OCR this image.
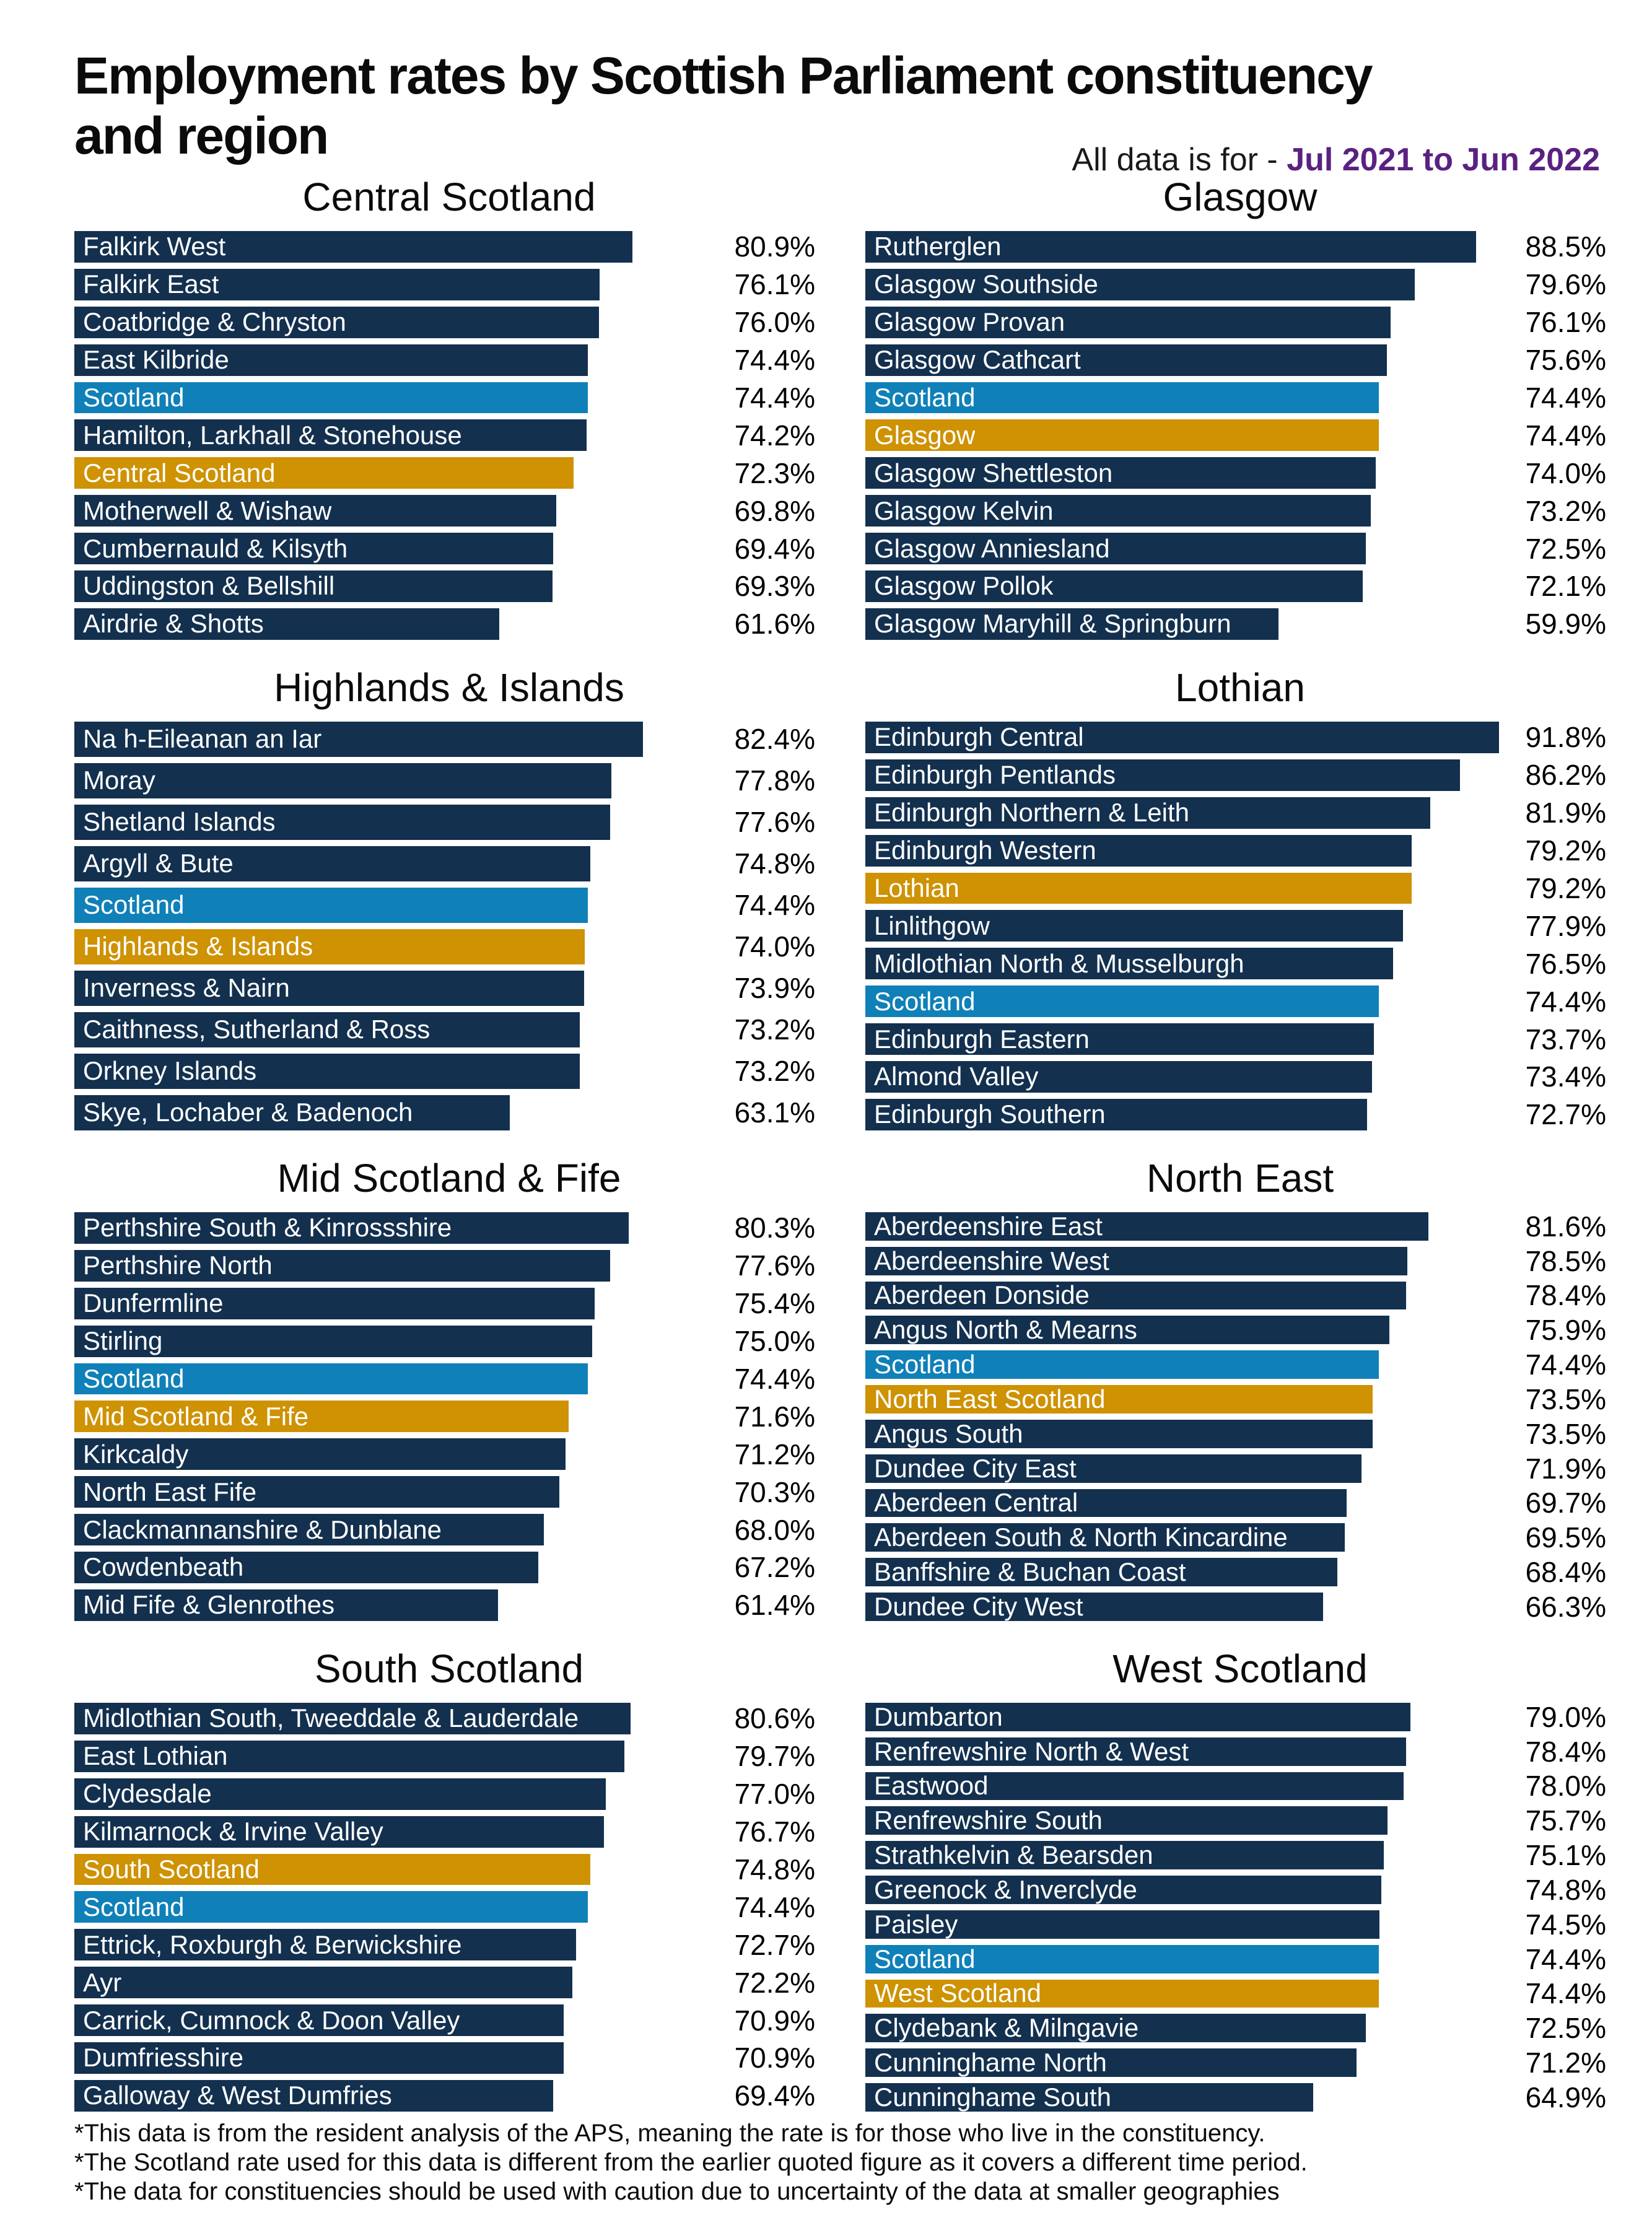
Employment rates by Scottish Parliament constituency
and region	All data is for - Jul 2021 to Jun 2022
Central Scotland
Falkirk West	80.9%
Falkirk East	76.1%
Coatbridge & Chryston	76.0%
East Kilbride	74.4%
Scotland	74.4%
Hamilton, Larkhall & Stonehouse	74.2%
Central Scotland	72.3%
Motherwell & Wishaw	69.8%
Cumbernauld & Kilsyth	69.4%
Uddingston & Bellshill	69.3%
Airdrie & Shotts	61.6%
Glasgow
Rutherglen	88.5%
Glasgow Southside	79.6%
Glasgow Provan	76.1%
Glasgow Cathcart	75.6%
Scotland	74.4%
Glasgow	74.4%
Glasgow Shettleston	74.0%
Glasgow Kelvin	73.2%
Glasgow Anniesland	72.5%
Glasgow Pollok	72.1%
Glasgow Maryhill & Springburn	59.9%
Highlands & Islands
Na h-Eileanan an Iar	82.4%
Moray	77.8%
Shetland Islands	77.6%
Argyll & Bute	74.8%
Scotland	74.4%
Highlands & Islands	74.0%
Inverness & Nairn	73.9%
Caithness, Sutherland & Ross	73.2%
Orkney Islands	73.2%
Skye, Lochaber & Badenoch	63.1%
Lothian
Edinburgh Central	91.8%
Edinburgh Pentlands	86.2%
Edinburgh Northern & Leith	81.9%
Edinburgh Western	79.2%
Lothian	79.2%
Linlithgow	77.9%
Midlothian North & Musselburgh	76.5%
Scotland	74.4%
Edinburgh Eastern	73.7%
Almond Valley	73.4%
Edinburgh Southern	72.7%
Mid Scotland & Fife
Perthshire South & Kinrossshire	80.3%
Perthshire North	77.6%
Dunfermline	75.4%
Stirling	75.0%
Scotland	74.4%
Mid Scotland & Fife	71.6%
Kirkcaldy	71.2%
North East Fife	70.3%
Clackmannanshire & Dunblane	68.0%
Cowdenbeath	67.2%
Mid Fife & Glenrothes	61.4%
North East
Aberdeenshire East	81.6%
Aberdeenshire West	78.5%
Aberdeen Donside	78.4%
Angus North & Mearns	75.9%
Scotland	74.4%
North East Scotland	73.5%
Angus South	73.5%
Dundee City East	71.9%
Aberdeen Central	69.7%
Aberdeen South & North Kincardine	69.5%
Banffshire & Buchan Coast	68.4%
Dundee City West	66.3%
South Scotland
Midlothian South, Tweeddale & Lauderdale	80.6%
East Lothian	79.7%
Clydesdale	77.0%
Kilmarnock & Irvine Valley	76.7%
South Scotland	74.8%
Scotland	74.4%
Ettrick, Roxburgh & Berwickshire	72.7%
Ayr	72.2%
Carrick, Cumnock & Doon Valley	70.9%
Dumfriesshire	70.9%
Galloway & West Dumfries	69.4%
West Scotland
Dumbarton	79.0%
Renfrewshire North & West	78.4%
Eastwood	78.0%
Renfrewshire South	75.7%
Strathkelvin & Bearsden	75.1%
Greenock & Inverclyde	74.8%
Paisley	74.5%
Scotland	74.4%
West Scotland	74.4%
Clydebank & Milngavie	72.5%
Cunninghame North	71.2%
Cunninghame South	64.9%

*This data is from the resident analysis of the APS, meaning the rate is for those who live in the constituency.

*The Scotland rate used for this data is different from the earlier quoted figure as it covers a different time period.

*The data for constituencies should be used with caution due to uncertainty of the data at smaller geographies
